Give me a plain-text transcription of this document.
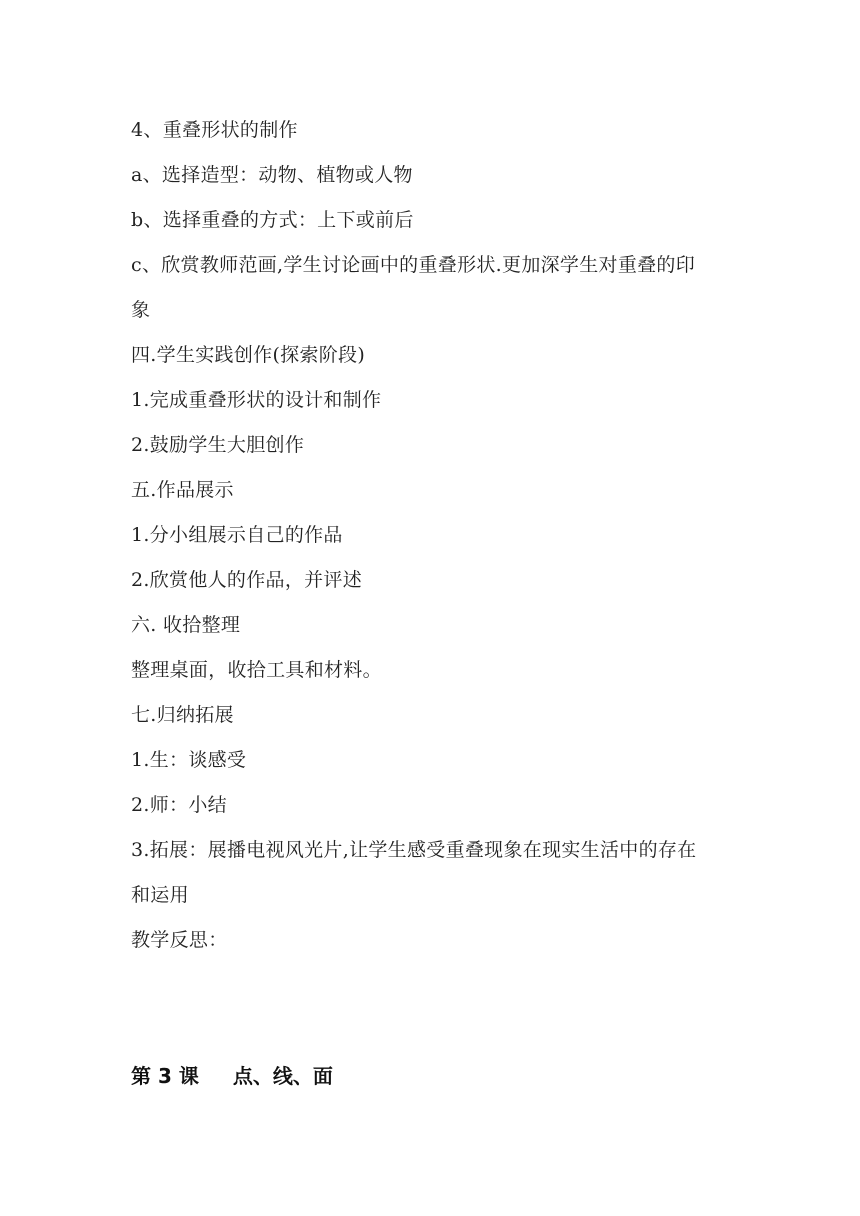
4、重叠形状的制作
a、选择造型：动物、植物或人物
b、选择重叠的方式：上下或前后
c、欣赏教师范画,学生讨论画中的重叠形状.更加深学生对重叠的印
象
四.学生实践创作(探索阶段)
1.完成重叠形状的设计和制作
2.鼓励学生大胆创作
五.作品展示
1.分小组展示自己的作品
2.欣赏他人的作品，并评述
六. 收拾整理
整理桌面，收拾工具和材料。
七.归纳拓展
1.生：谈感受
2.师：小结
3.拓展：展播电视风光片,让学生感受重叠现象在现实生活中的存在
和运用
教学反思：
第 3 课 点、线、面
